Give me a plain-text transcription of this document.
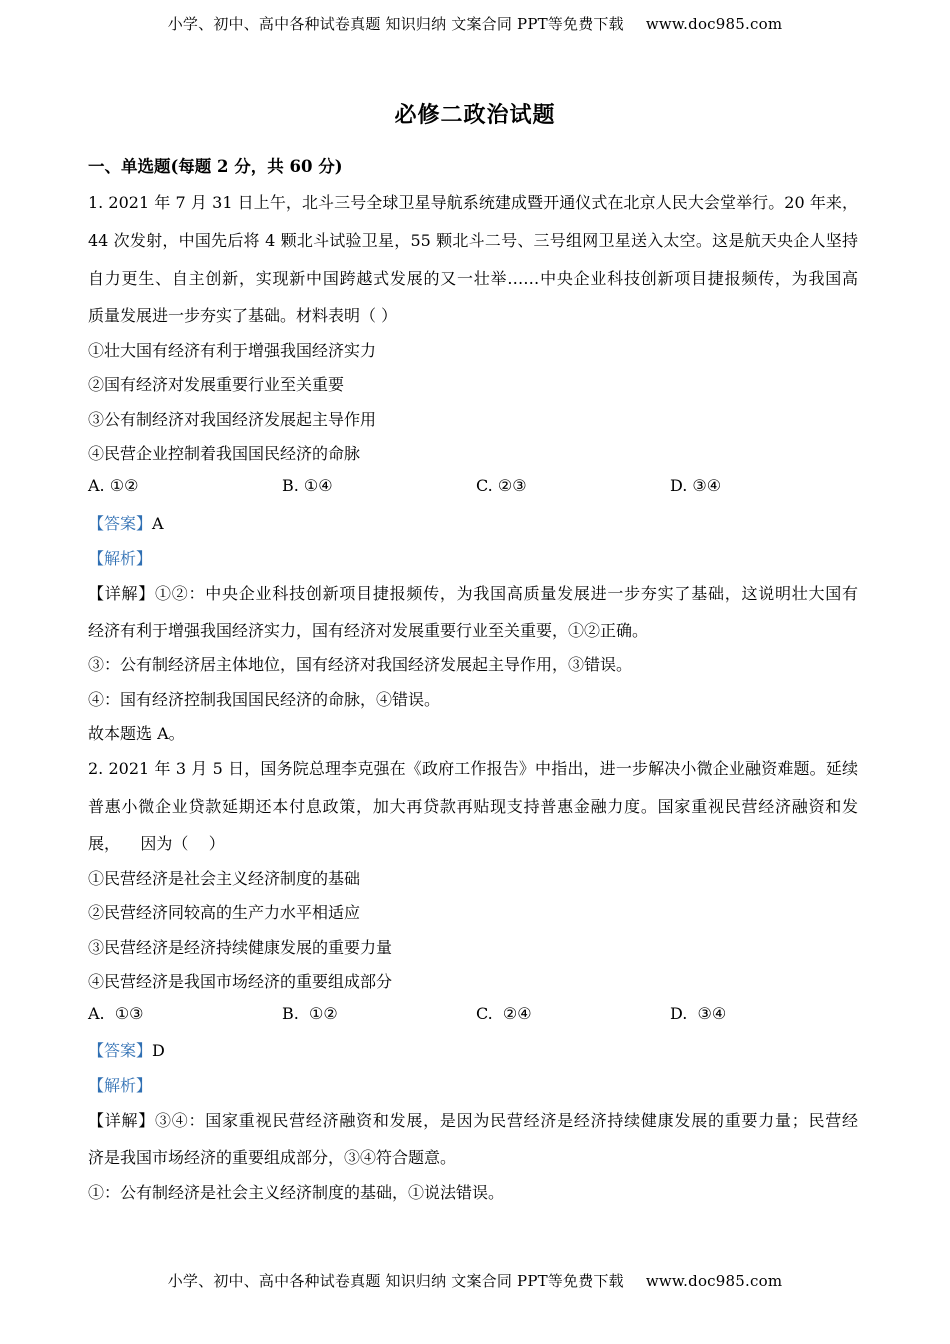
小学、初中、高中各种试卷真题 知识归纳 文案合同 PPT等免费下载 www.doc985.com
必修二政治试题
一、单选题(每题 2 分，共 60 分)
1. 2021 年 7 月 31 日上午，北斗三号全球卫星导航系统建成暨开通仪式在北京人民大会堂举行。20 年来，
44 次发射，中国先后将 4 颗北斗试验卫星，55 颗北斗二号、三号组网卫星送入太空。这是航天央企人坚持
自力更生、自主创新，实现新中国跨越式发展的又一壮举……中央企业科技创新项目捷报频传，为我国高
质量发展进一步夯实了基础。材料表明（ ）
①壮大国有经济有利于增强我国经济实力
②国有经济对发展重要行业至关重要
③公有制经济对我国经济发展起主导作用
④民营企业控制着我国国民经济的命脉
A. ①②	B. ①④	C. ②③	D. ③④
【答案】A
【解析】
【详解】①②：中央企业科技创新项目捷报频传，为我国高质量发展进一步夯实了基础，这说明壮大国有
经济有利于增强我国经济实力，国有经济对发展重要行业至关重要，①②正确。
③：公有制经济居主体地位，国有经济对我国经济发展起主导作用，③错误。
④：国有经济控制我国国民经济的命脉，④错误。
故本题选 A。
2. 2021 年 3 月 5 日，国务院总理李克强在《政府工作报告》中指出，进一步解决小微企业融资难题。延续
普惠小微企业贷款延期还本付息政策，加大再贷款再贴现支持普惠金融力度。国家重视民营经济融资和发
展，    因为（    ）
①民营经济是社会主义经济制度的基础
②民营经济同较高的生产力水平相适应
③民营经济是经济持续健康发展的重要力量
④民营经济是我国市场经济的重要组成部分
A.  ①③	B.  ①②	C.  ②④	D.  ③④
【答案】D
【解析】
【详解】③④：国家重视民营经济融资和发展，是因为民营经济是经济持续健康发展的重要力量；民营经
济是我国市场经济的重要组成部分，③④符合题意。
①：公有制经济是社会主义经济制度的基础，①说法错误。
小学、初中、高中各种试卷真题 知识归纳 文案合同 PPT等免费下载 www.doc985.com
